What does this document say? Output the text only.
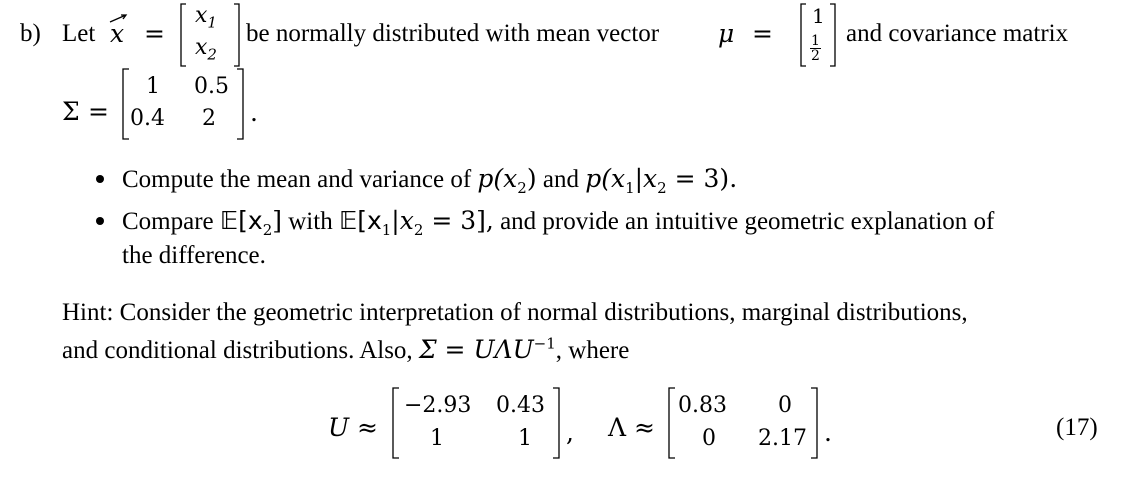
b) Let x =
$x_1$
$x_2$
be normally distributed with mean vector μ =
1
$\frac{1}{2}$
and covariance matrix
Σ =
1 0.5
0.4 2 .
Compute the mean and variance of $p(x_2)$ and $p(x_1|x_2 = 3)$.
Compare $𝔼[x_2]$ with $𝔼[x_1|x_2 = 3]$, and provide an intuitive geometric explanation of
the difference.
Hint: Consider the geometric interpretation of normal distributions, marginal distributions,
and conditional distributions. Also, $\Sigma = U\Lambda U^{-1}$, where
U ≈
−2.93 0.43
1	1 , Λ ≈
0.83 0
0 2.17 .	(17)
